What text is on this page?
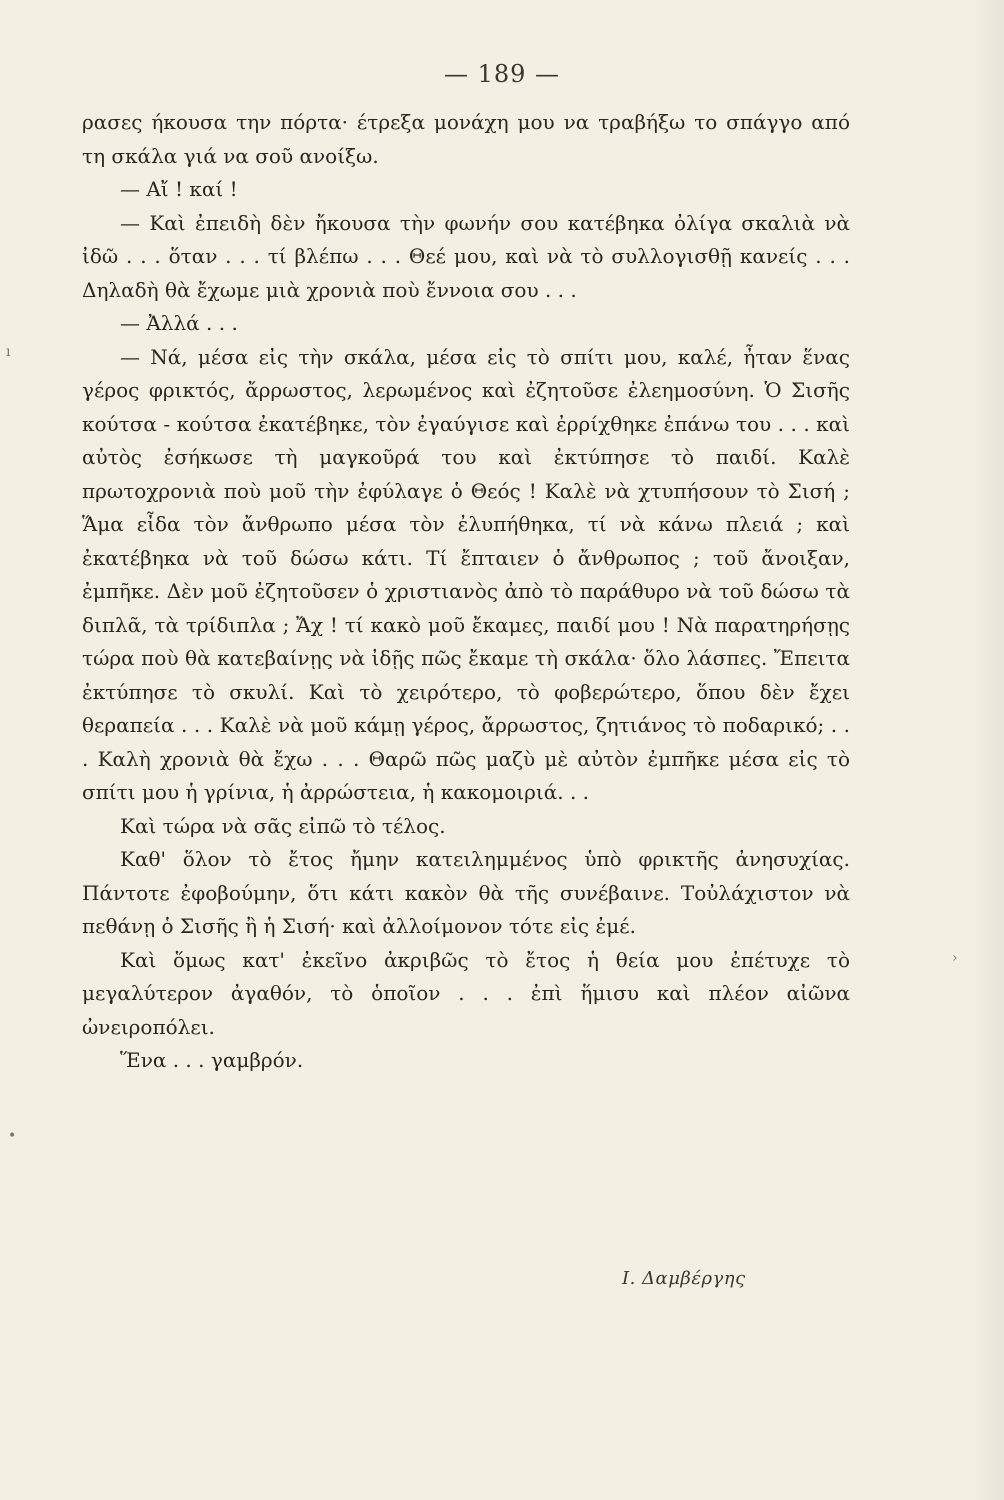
ı
›
•
— 189 —

ρασες ήκουσα την πόρτα· έτρεξα μονάχη μου να τραβήξω το σπάγγο από τη σκάλα γιά να σοῦ ανοίξω.

— Αἴ ! καί !

— Καὶ ἐπειδὴ δὲν ἤκουσα τὴν φωνήν σου κατέβηκα ὀλίγα σκαλιὰ νὰ ἰδῶ . . . ὅταν . . . τί βλέπω . . . Θεέ μου, καὶ νὰ τὸ συλλογισθῇ κανείς . . . Δηλαδὴ θὰ ἔχωμε μιὰ χρονιὰ ποὺ ἔννοια σου . . .

— Ἀλλά . . .

— Νά, μέσα εἰς τὴν σκάλα, μέσα εἰς τὸ σπίτι μου, καλέ, ἦταν ἕνας γέρος φρικτός, ἄρρωστος, λερωμένος καὶ ἐζητοῦσε ἐλεημοσύνη. Ὁ Σισῆς κούτσα - κούτσα ἐκατέβηκε, τὸν ἐγαύγισε καὶ ἐρρίχθηκε ἐπάνω του . . . καὶ αὐτὸς ἐσήκωσε τὴ μαγκοῦρά του καὶ ἐκτύπησε τὸ παιδί. Καλὲ πρωτοχρονιὰ ποὺ μοῦ τὴν ἐφύλαγε ὁ Θεός ! Καλὲ νὰ χτυπήσουν τὸ Σισή ; Ἅμα εἶδα τὸν ἄνθρωπο μέσα τὸν ἐλυπήθηκα, τί νὰ κάνω πλειά ; καὶ ἐκατέβηκα νὰ τοῦ δώσω κάτι. Τί ἔπταιεν ὁ ἄνθρωπος ; τοῦ ἄνοιξαν, ἐμπῆκε. Δὲν μοῦ ἐζητοῦσεν ὁ χριστιανὸς ἀπὸ τὸ παράθυρο νὰ τοῦ δώσω τὰ διπλᾶ, τὰ τρίδιπλα ; Ἄχ ! τί κακὸ μοῦ ἔκαμες, παιδί μου ! Νὰ παρατηρήσῃς τώρα ποὺ θὰ κατεβαίνῃς νὰ ἰδῇς πῶς ἔκαμε τὴ σκάλα· ὅλο λάσπες. Ἔπειτα ἐκτύπησε τὸ σκυλί. Καὶ τὸ χειρότερο, τὸ φοβερώτερο, ὅπου δὲν ἔχει θεραπεία . . . Καλὲ νὰ μοῦ κάμῃ γέρος, ἄρρωστος, ζητιάνος τὸ ποδαρικό; . . . Καλὴ χρονιὰ θὰ ἔχω . . . Θαρῶ πῶς μαζὺ μὲ αὐτὸν ἐμπῆκε μέσα εἰς τὸ σπίτι μου ἡ γρίνια, ἡ ἀρρώστεια, ἡ κακομοιριά. . .

Καὶ τώρα νὰ σᾶς εἰπῶ τὸ τέλος.

Καθ' ὅλον τὸ ἔτος ἤμην κατειλημμένος ὑπὸ φρικτῆς ἀνησυχίας. Πάντοτε ἐφοβούμην, ὅτι κάτι κακὸν θὰ τῆς συνέβαινε. Τοὐλάχιστον νὰ πεθάνῃ ὁ Σισῆς ἢ ἡ Σισή· καὶ ἀλλοίμονον τότε εἰς ἐμέ.

Καὶ ὅμως κατ' ἐκεῖνο ἀκριβῶς τὸ ἔτος ἡ θεία μου ἐπέτυχε τὸ μεγαλύτερον ἀγαθόν, τὸ ὁποῖον . . . ἐπὶ ἥμισυ καὶ πλέον αἰῶνα ὠνειροπόλει.

Ἕνα . . . γαμβρόν.

Ι. Δαμβέργης
